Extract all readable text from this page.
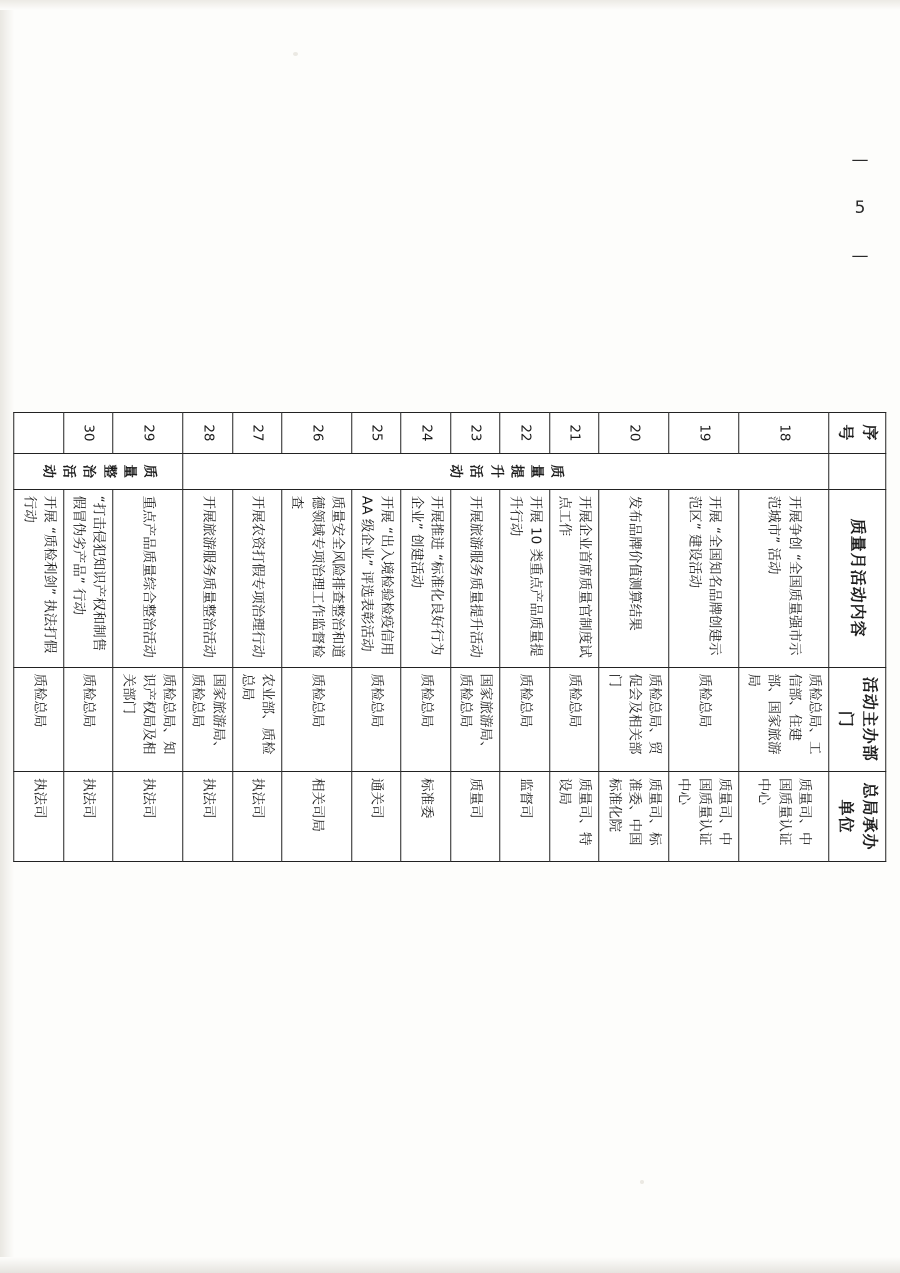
— 5 —
序号		质量月活动内容	活动主办部门	总局承办单位
18	质量提升活动	开展争创 “全国质量强市示范城市” 活动	质检总局、工信部、住建部、国家旅游局	质量司、中国质量认证中心
19		开展 “全国知名品牌创建示范区” 建设活动	质检总局	质量司、中国质量认证中心
20		发布品牌价值测算结果	质检总局、贸促会及相关部门	质量司、标准委、中国标准化院
21		开展企业首席质量官制度试点工作	质检总局	质量司、特设局
22		开展 10 类重点产品质量提升行动	质检总局	监督司
23		开展旅游服务质量提升活动	国家旅游局、质检总局	质量司
24		开展推进 “标准化良好行为企业” 创建活动	质检总局	标准委
25		开展 “出入境检验检疫信用 AA 级企业” 评选表彰活动	质检总局	通关司
26		质量安全风险排查整治和道德领域专项治理工作监督检查	质检总局	相关司局
27		开展农资打假专项治理行动	农业部、质检总局	执法司
28		开展旅游服务质量整治活动	国家旅游局、质检总局	执法司
29	质量整治活动	重点产品质量综合整治活动	质检总局、知识产权局及相关部门	执法司
30		“打击侵犯知识产权和制售假冒伪劣产品” 行动	质检总局	执法司
		开展 “质检利剑” 执法打假行动	质检总局	执法司
